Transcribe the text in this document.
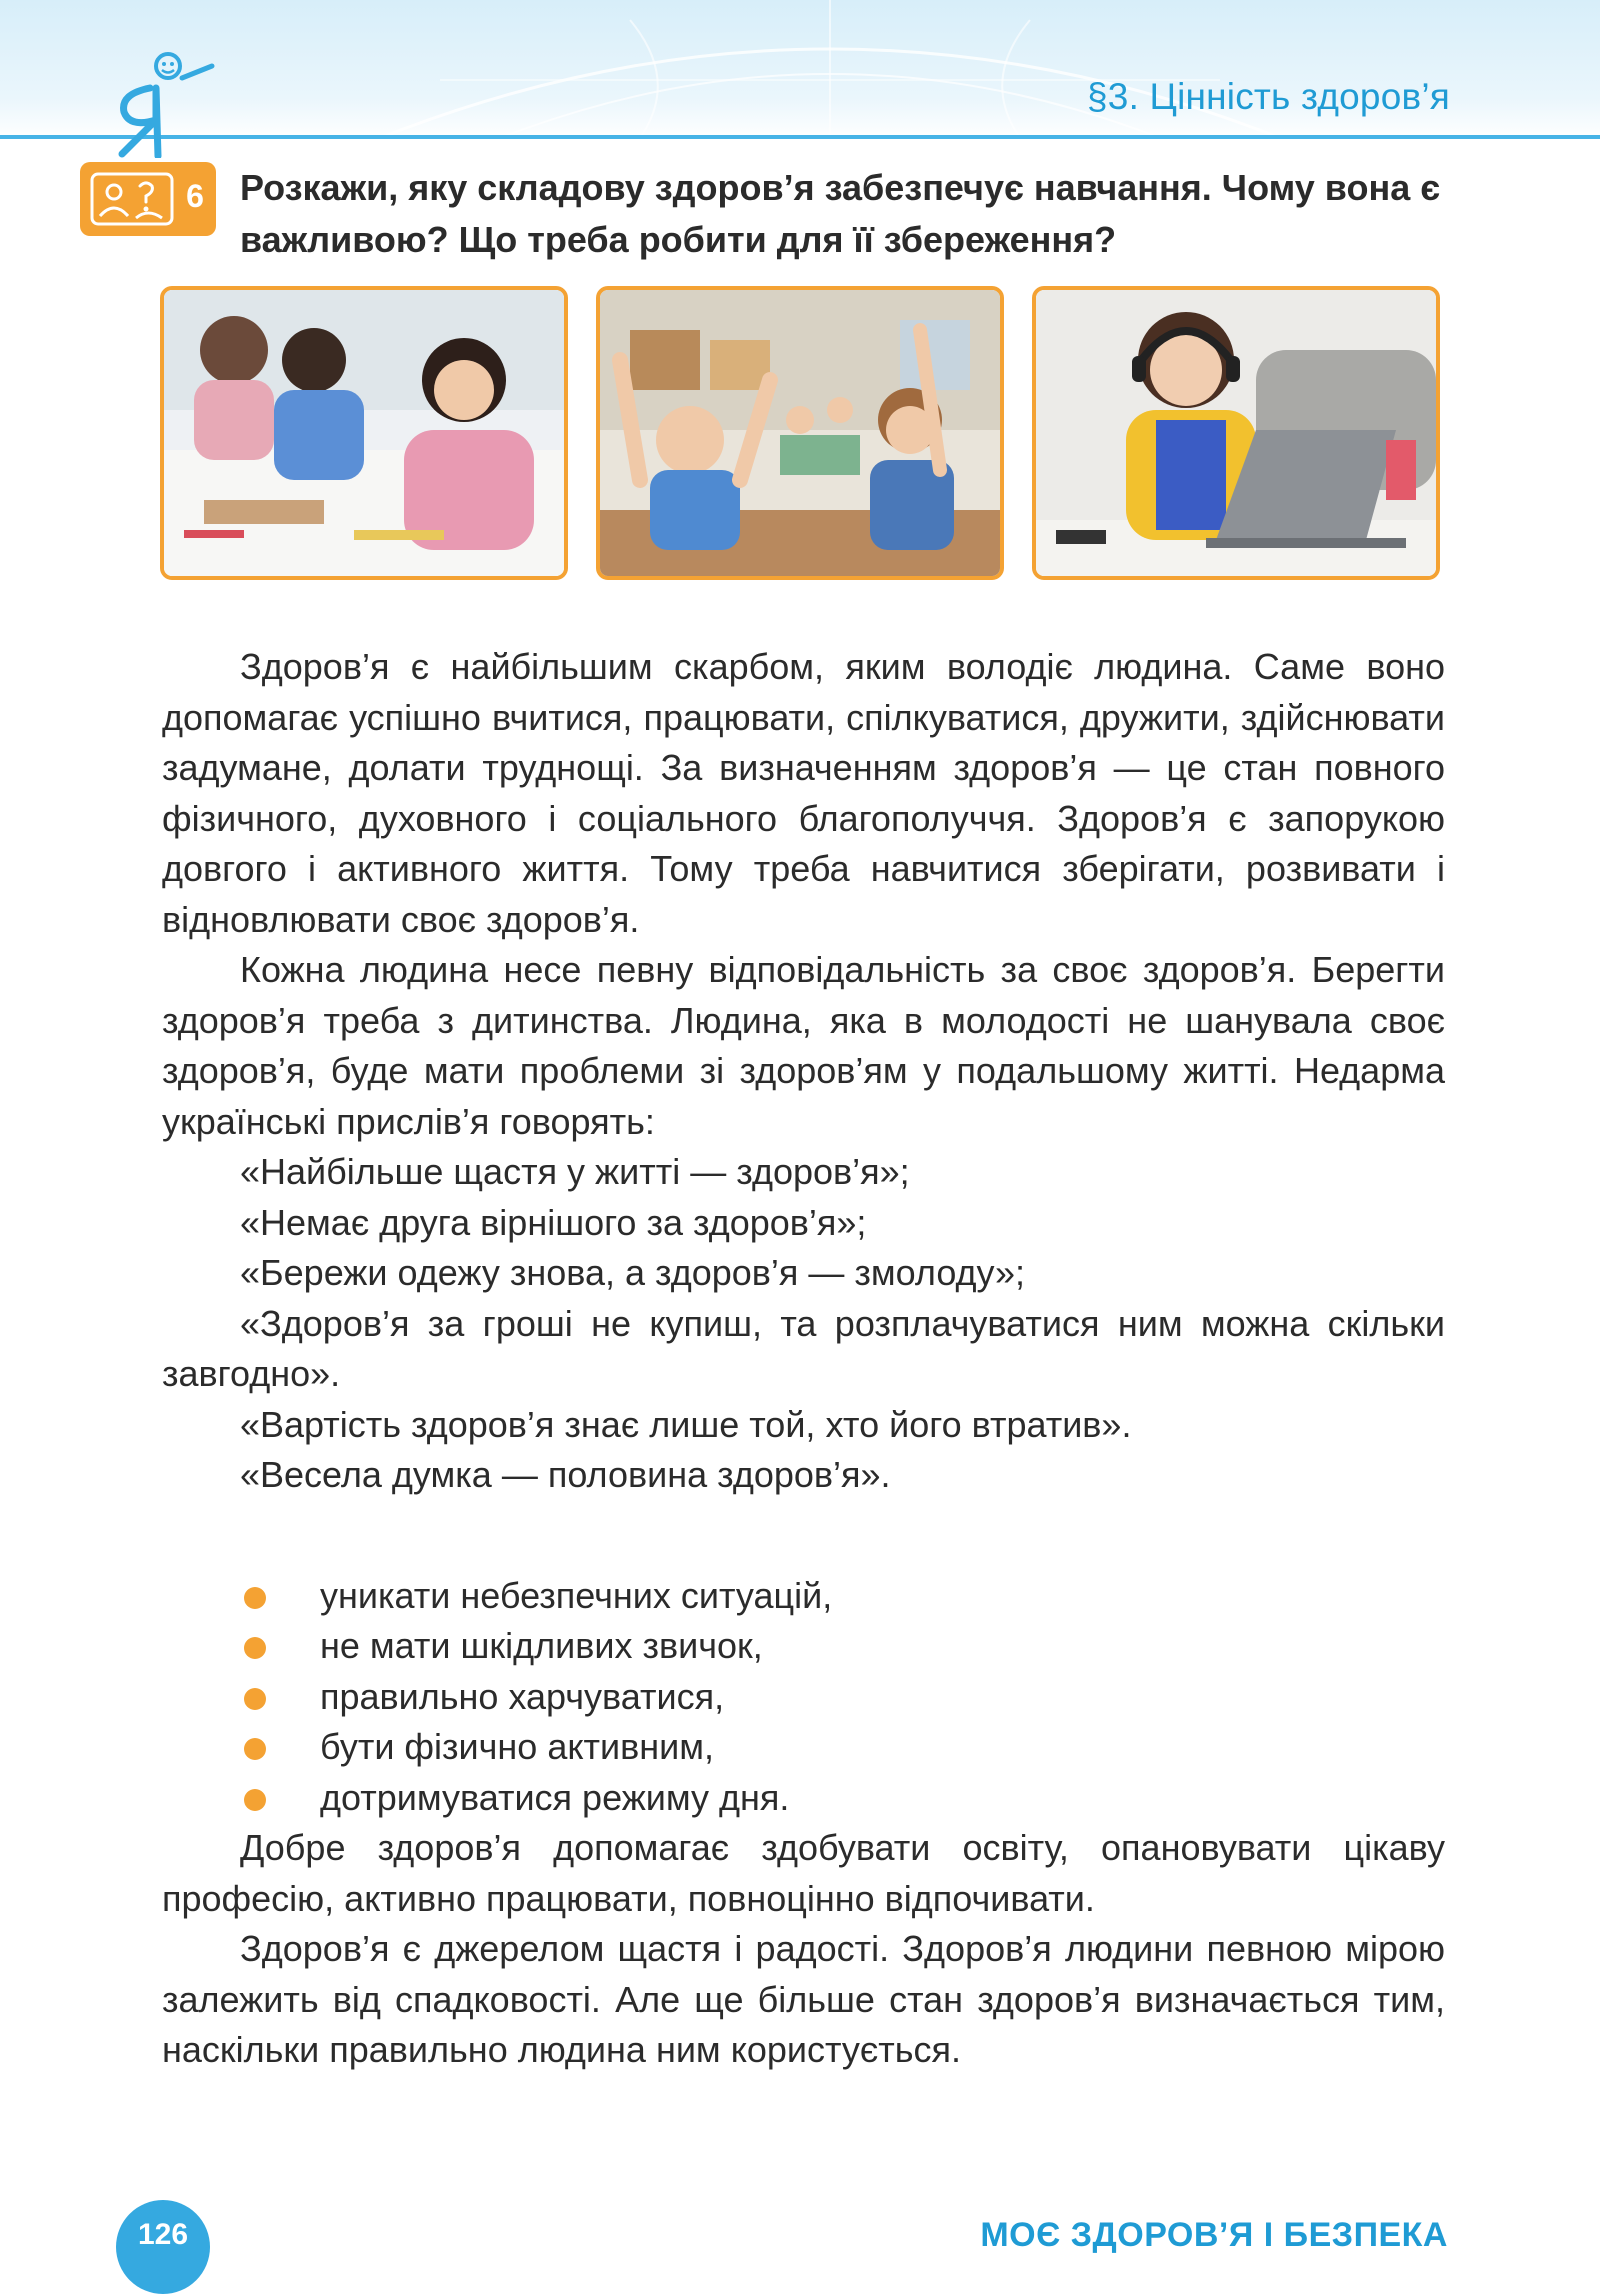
§3. Цінність здоров’я
6 Розкажи, яку складову здоров’я забезпечує навчання. Чому вона є важливою? Що треба робити для її збереження?

Здоров’я є найбільшим скарбом, яким володіє людина. Саме воно допомагає успішно вчитися, працювати, спілкуватися, дружити, здійснювати задумане, долати труднощі. За визначенням здоров’я — це стан повного фізичного, духовного і соціального благополуччя. Здоров’я є запорукою довгого і активного життя. Тому треба навчитися зберігати, розвивати і відновлювати своє здоров’я.

Кожна людина несе певну відповідальність за своє здоров’я. Берегти здоров’я треба з дитинства. Людина, яка в молодості не шанувала своє здоров’я, буде мати проблеми зі здоров’ям у подальшому житті. Недарма українські прислів’я говорять:

«Найбільше щастя у житті — здоров’я»;

«Немає друга вірнішого за здоров’я»;

«Бережи одежу знова, а здоров’я — змолоду»;

«Здоров’я за гроші не купиш, та розплачуватися ним можна скільки завгодно».

«Вартість здоров’я знає лише той, хто його втратив».

«Весела думка — половина здоров’я».

уникати небезпечних ситуацій,
не мати шкідливих звичок,
правильно харчуватися,
бути фізично активним,
дотримуватися режиму дня.

Добре здоров’я допомагає здобувати освіту, опановувати цікаву професію, активно працювати, повноцінно відпочивати.

Здоров’я є джерелом щастя і радості. Здоров’я людини певною мірою залежить від спадковості. Але ще більше стан здоров’я визначається тим, наскільки правильно людина ним користується.

126	МОЄ ЗДОРОВ’Я І БЕЗПЕКА
